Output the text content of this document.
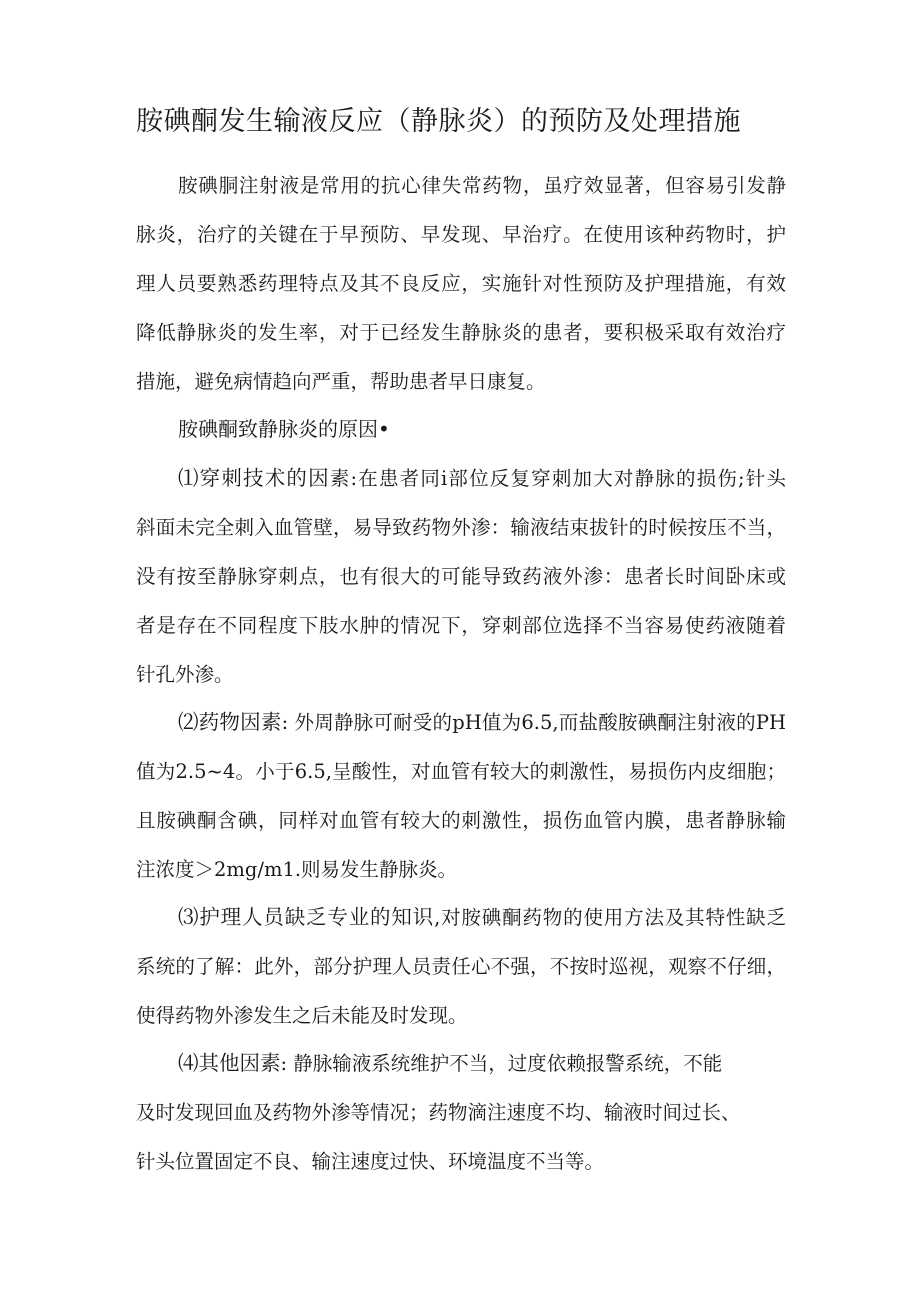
胺碘酮发生输液反应（静脉炎）的预防及处理措施
胺碘胴注射液是常用的抗心律失常药物，虽疗效显著，但容易引发静
脉炎，治疗的关键在于早预防、早发现、早治疗。在使用该种药物时，护
理人员要熟悉药理特点及其不良反应，实施针对性预防及护理措施，有效
降低静脉炎的发生率，对于已经发生静脉炎的患者，要积极采取有效治疗
措施，避免病情趋向严重，帮助患者早日康复。
胺碘酮致静脉炎的原因•
⑴穿刺技术的因素:在患者同i部位反复穿刺加大对静脉的损伤;针头
斜面未完全刺入血管壁，易导致药物外渗：输液结束拔针的时候按压不当，
没有按至静脉穿刺点，也有很大的可能导致药液外渗：患者长时间卧床或
者是存在不同程度下肢水肿的情况下，穿刺部位选择不当容易使药液随着
针孔外渗。
⑵药物因素: 外周静脉可耐受的pH值为6.5,而盐酸胺碘酮注射液的PH
值为2.5~4。小于6.5,呈酸性，对血管有较大的刺激性，易损伤内皮细胞；
且胺碘酮含碘，同样对血管有较大的刺激性，损伤血管内膜，患者静脉输
注浓度＞2mg∕m1.则易发生静脉炎。
⑶护理人员缺乏专业的知识,对胺碘酮药物的使用方法及其特性缺乏
系统的了解：此外，部分护理人员责任心不强，不按时巡视，观察不仔细，
使得药物外渗发生之后未能及时发现。
⑷其他因素: 静脉输液系统维护不当，过度依赖报警系统，不能
及时发现回血及药物外渗等情况；药物滴注速度不均、输液时间过长、
针头位置固定不良、输注速度过快、环境温度不当等。
